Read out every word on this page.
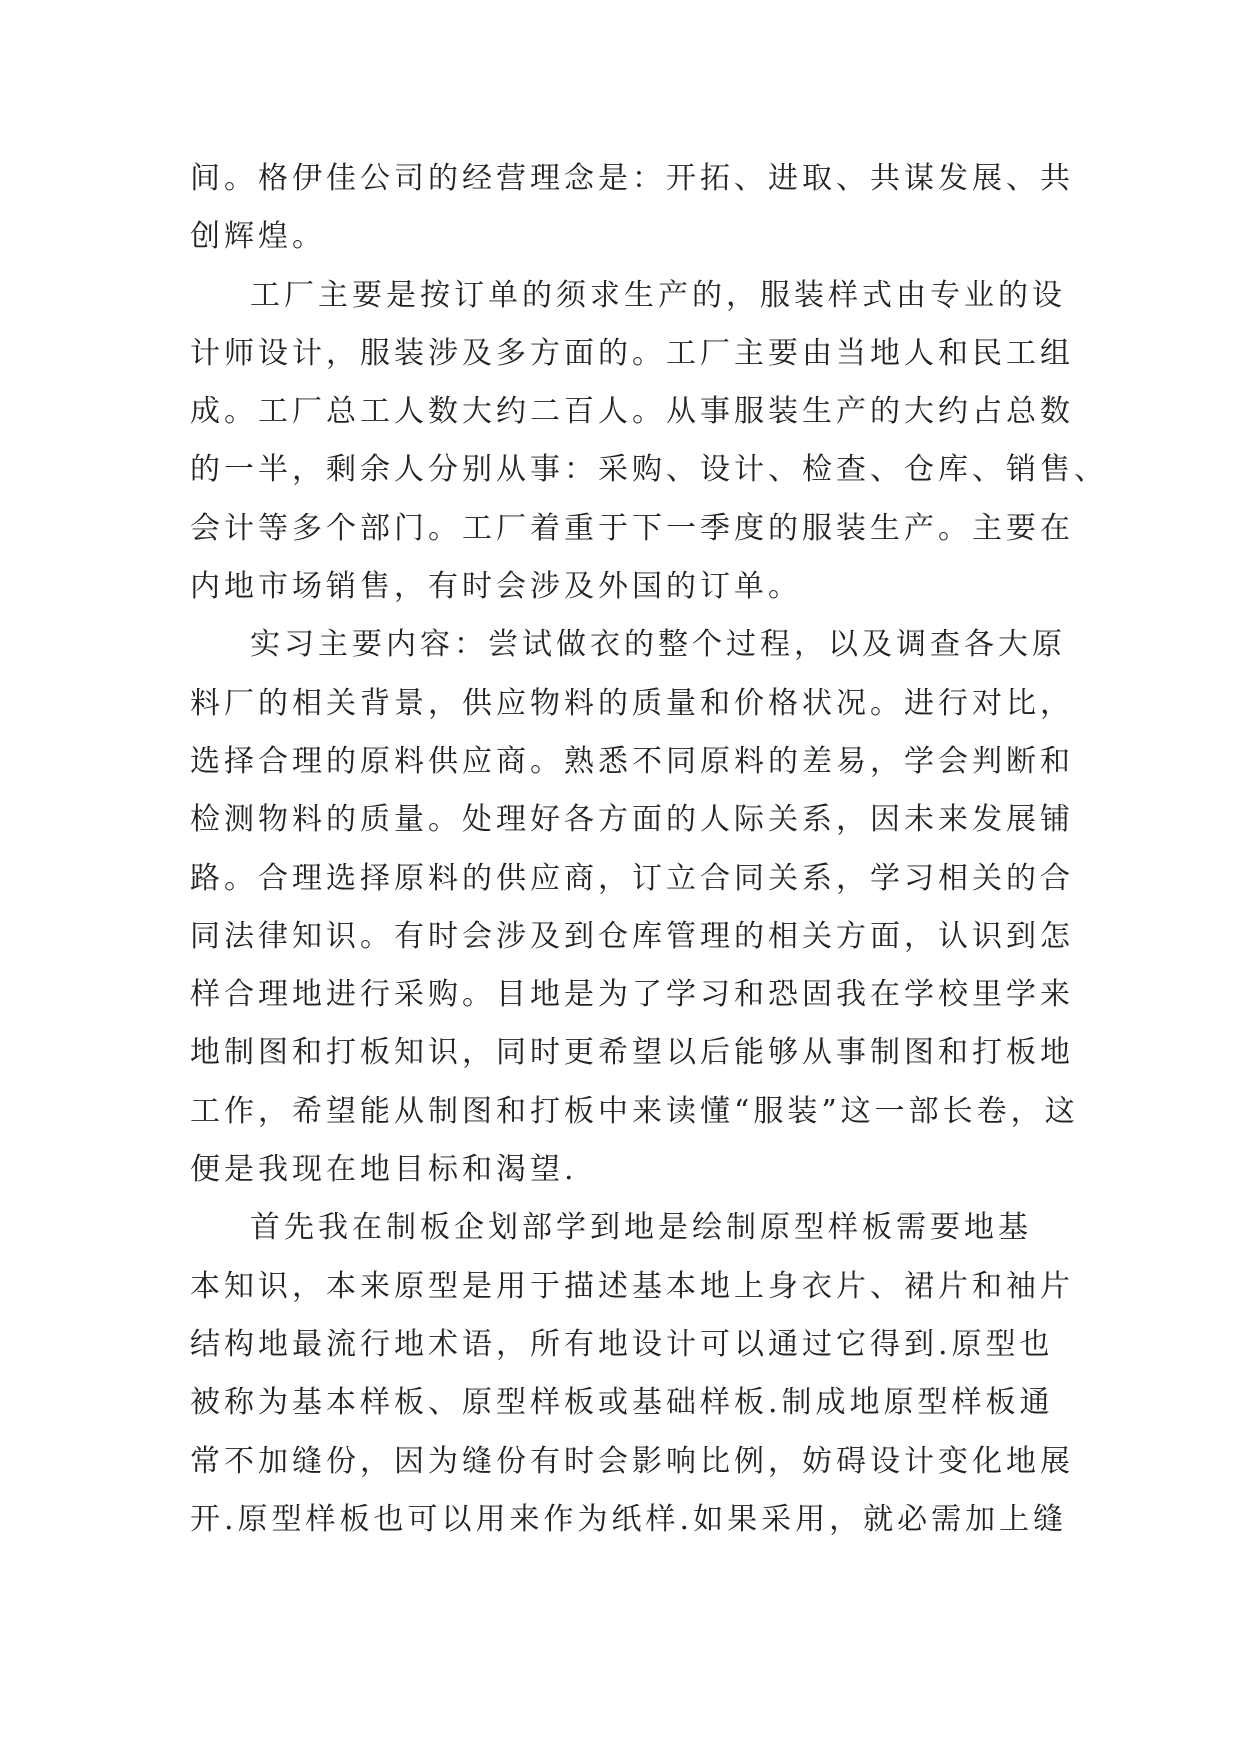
间。格伊佳公司的经营理念是：开拓、进取、共谋发展、共
创辉煌。
工厂主要是按订单的须求生产的，服装样式由专业的设
计师设计，服装涉及多方面的。工厂主要由当地人和民工组
成。工厂总工人数大约二百人。从事服装生产的大约占总数
的一半，剩余人分别从事：采购、设计、检查、仓库、销售、
会计等多个部门。工厂着重于下一季度的服装生产。主要在
内地市场销售，有时会涉及外国的订单。
实习主要内容：尝试做衣的整个过程，以及调查各大原
料厂的相关背景，供应物料的质量和价格状况。进行对比，
选择合理的原料供应商。熟悉不同原料的差易，学会判断和
检测物料的质量。处理好各方面的人际关系，因未来发展铺
路。合理选择原料的供应商，订立合同关系，学习相关的合
同法律知识。有时会涉及到仓库管理的相关方面，认识到怎
样合理地进行采购。目地是为了学习和恐固我在学校里学来
地制图和打板知识，同时更希望以后能够从事制图和打板地
工作，希望能从制图和打板中来读懂“服装”这一部长卷，这
便是我现在地目标和渴望.
首先我在制板企划部学到地是绘制原型样板需要地基
本知识，本来原型是用于描述基本地上身衣片、裙片和袖片
结构地最流行地术语，所有地设计可以通过它得到.原型也
被称为基本样板、原型样板或基础样板.制成地原型样板通
常不加缝份，因为缝份有时会影响比例，妨碍设计变化地展
开.原型样板也可以用来作为纸样.如果采用，就必需加上缝
